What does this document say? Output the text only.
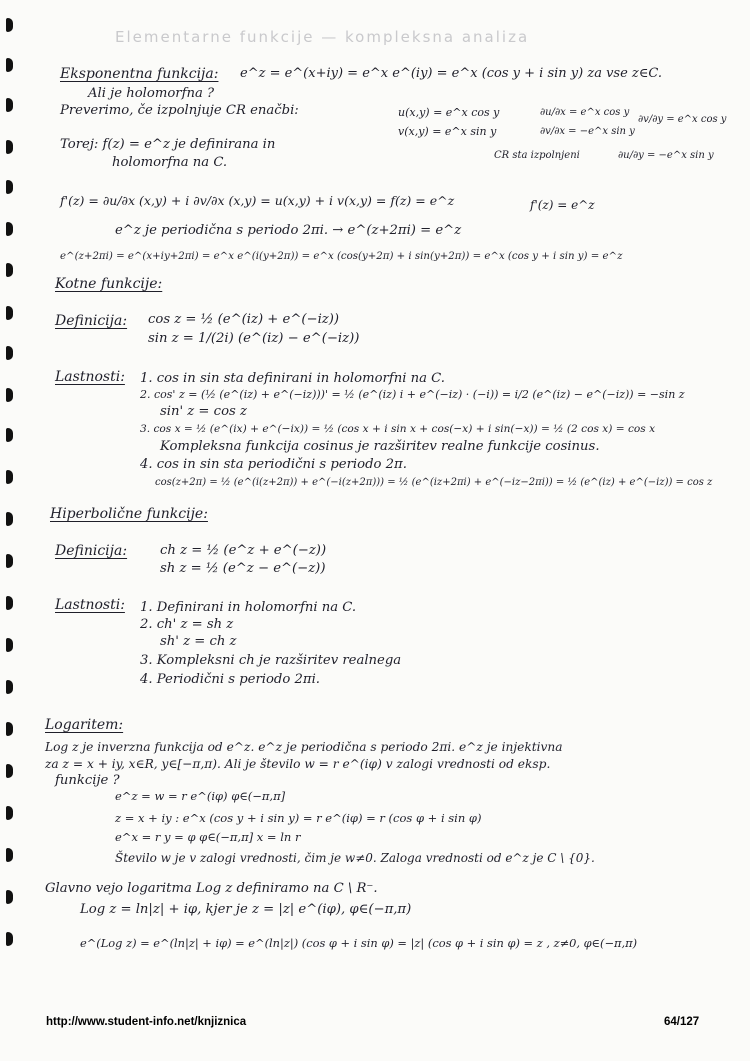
Elementarne funkcije — kompleksna analiza
Eksponentna funkcija: e^z = e^(x+iy) = e^x e^(iy) = e^x (cos y + i sin y) za vse z∈C.
Ali je holomorfna ?
Preverimo, če izpolnjuje CR enačbi:	u(x,y) = e^x cos y
v(x,y) = e^x sin y
∂u/∂x = e^x cos y
∂v/∂y = e^x cos y
∂v/∂x = −e^x sin y
∂u/∂y = −e^x sin y
CR sta izpolnjeni
Torej: f(z) = e^z je definirana in
holomorfna na C.
f'(z) = ∂u/∂x (x,y) + i ∂v/∂x (x,y) = u(x,y) + i v(x,y) = f(z) = e^z	f'(z) = e^z
e^z je periodična s periodo 2πi. → e^(z+2πi) = e^z
e^(z+2πi) = e^(x+iy+2πi) = e^x e^(i(y+2π)) = e^x (cos(y+2π) + i sin(y+2π)) = e^x (cos y + i sin y) = e^z
Kotne funkcije:
Definicija: cos z = ½ (e^(iz) + e^(−iz))
sin z = 1/(2i) (e^(iz) − e^(−iz))
Lastnosti: 1. cos in sin sta definirani in holomorfni na C.
2. cos' z = (½ (e^(iz) + e^(−iz)))' = ½ (e^(iz) i + e^(−iz) · (−i)) = i/2 (e^(iz) − e^(−iz)) = −sin z
sin' z = cos z
3. cos x = ½ (e^(ix) + e^(−ix)) = ½ (cos x + i sin x + cos(−x) + i sin(−x)) = ½ (2 cos x) = cos x
Kompleksna funkcija cosinus je razširitev realne funkcije cosinus.
4. cos in sin sta periodični s periodo 2π.
cos(z+2π) = ½ (e^(i(z+2π)) + e^(−i(z+2π))) = ½ (e^(iz+2πi) + e^(−iz−2πi)) = ½ (e^(iz) + e^(−iz)) = cos z
Hiperbolične funkcije:
Definicija: ch z = ½ (e^z + e^(−z))
sh z = ½ (e^z − e^(−z))
Lastnosti: 1. Definirani in holomorfni na C.
2. ch' z = sh z
sh' z = ch z
3. Kompleksni ch je razširitev realnega
4. Periodični s periodo 2πi.
Logaritem:
Log z je inverzna funkcija od e^z. e^z je periodična s periodo 2πi. e^z je injektivna
za z = x + iy, x∈R, y∈[−π,π). Ali je število w = r e^(iφ) v zalogi vrednosti od eksp.
funkcije ?
e^z = w = r e^(iφ) φ∈(−π,π]
z = x + iy : e^x (cos y + i sin y) = r e^(iφ) = r (cos φ + i sin φ)
e^x = r y = φ φ∈(−π,π] x = ln r
Število w je v zalogi vrednosti, čim je w≠0. Zaloga vrednosti od e^z je C \ {0}.
Glavno vejo logaritma Log z definiramo na C \ R⁻.
Log z = ln|z| + iφ, kjer je z = |z| e^(iφ), φ∈(−π,π)
e^(Log z) = e^(ln|z| + iφ) = e^(ln|z|) (cos φ + i sin φ) = |z| (cos φ + i sin φ) = z , z≠0, φ∈(−π,π)
http://www.student-info.net/knjiznica	64/127
